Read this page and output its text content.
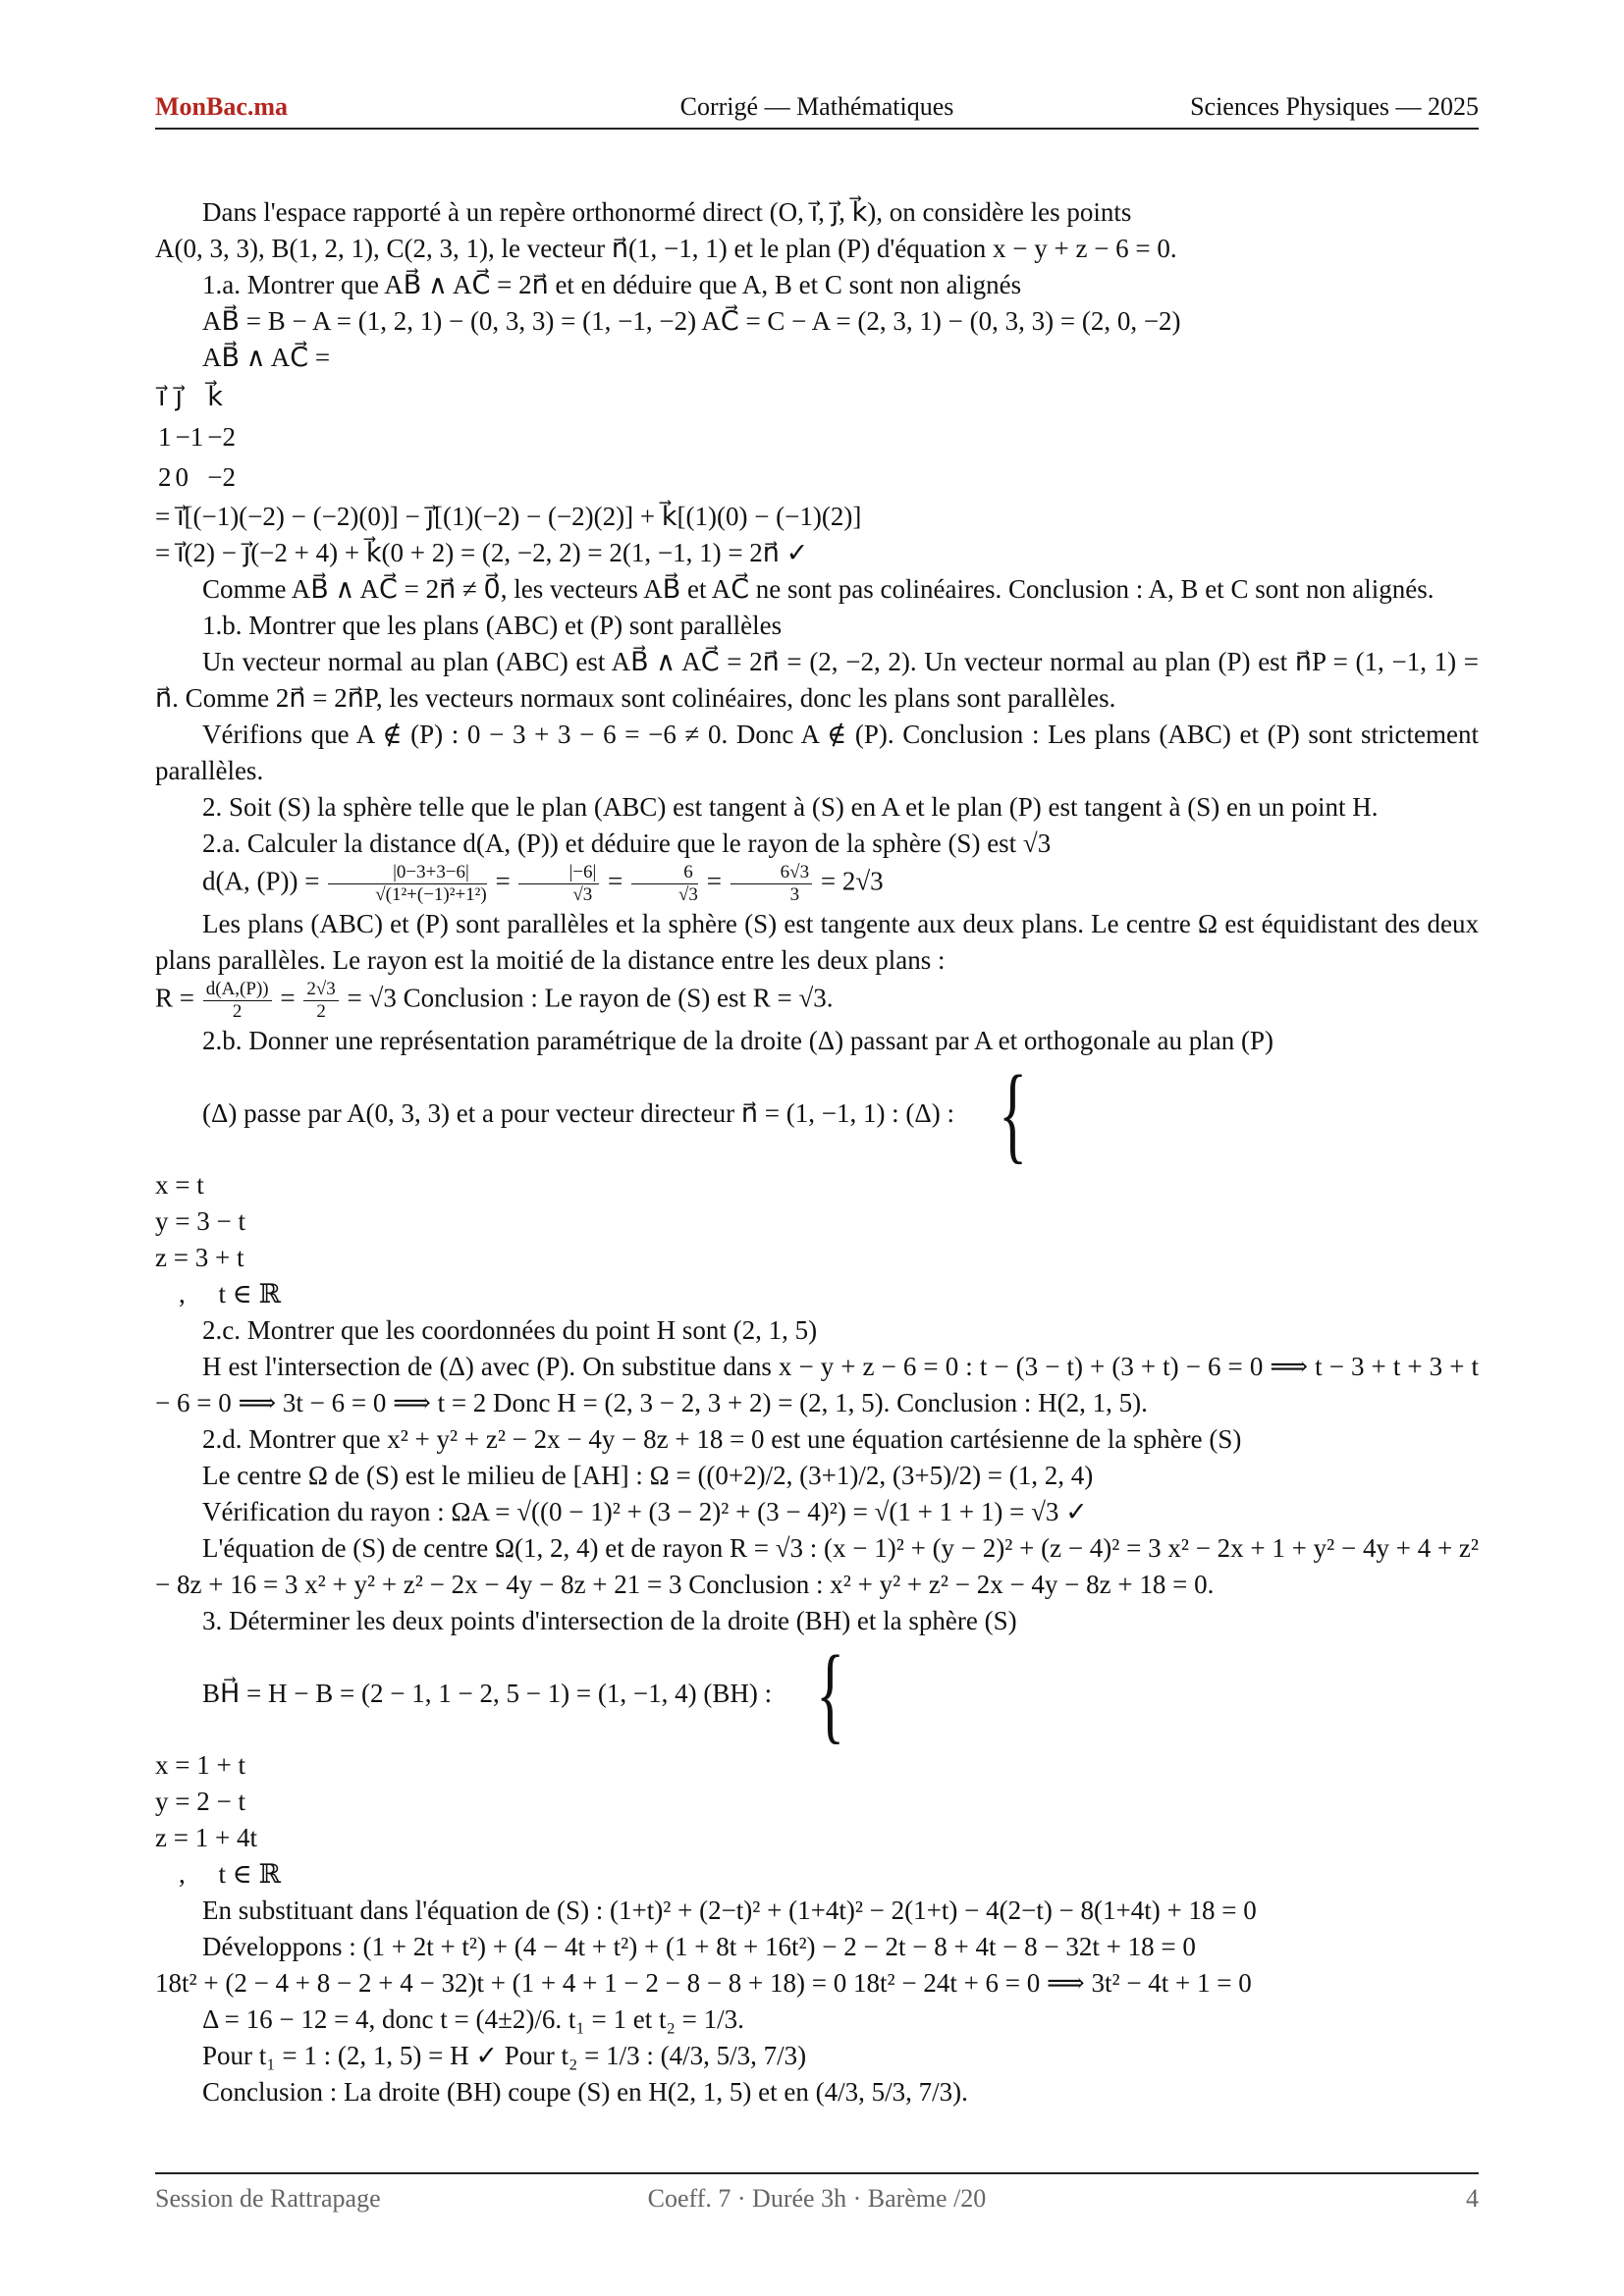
MonBac.ma	Corrigé — Mathématiques	Sciences Physiques — 2025

Dans l'espace rapporté à un repère orthonormé direct (O, i⃗, j⃗, k⃗), on considère les points

A(0, 3, 3), B(1, 2, 1), C(2, 3, 1), le vecteur n⃗(1, −1, 1) et le plan (P) d'équation x − y + z − 6 = 0.

1.a. Montrer que AB⃗ ∧ AC⃗ = 2n⃗ et en déduire que A, B et C sont non alignés

AB⃗ = B − A = (1, 2, 1) − (0, 3, 3) = (1, −1, −2) AC⃗ = C − A = (2, 3, 1) − (0, 3, 3) = (2, 0, −2)

AB⃗ ∧ AC⃗ =

i⃗	j⃗	k⃗
1	−1	−2
2	0	−2
= i⃗[(−1)(−2) − (−2)(0)] − j⃗[(1)(−2) − (−2)(2)] + k⃗[(1)(0) − (−1)(2)]

= i⃗(2) − j⃗(−2 + 4) + k⃗(0 + 2) = (2, −2, 2) = 2(1, −1, 1) = 2n⃗ ✓

Comme AB⃗ ∧ AC⃗ = 2n⃗ ≠ 0⃗, les vecteurs AB⃗ et AC⃗ ne sont pas colinéaires. Conclusion : A, B et C sont non alignés.

1.b. Montrer que les plans (ABC) et (P) sont parallèles

Un vecteur normal au plan (ABC) est AB⃗ ∧ AC⃗ = 2n⃗ = (2, −2, 2). Un vecteur normal au plan (P) est n⃗P = (1, −1, 1) = n⃗. Comme 2n⃗ = 2n⃗P, les vecteurs normaux sont colinéaires, donc les plans sont parallèles.

Vérifions que A ∉ (P) : 0 − 3 + 3 − 6 = −6 ≠ 0. Donc A ∉ (P). Conclusion : Les plans (ABC) et (P) sont strictement parallèles.

2. Soit (S) la sphère telle que le plan (ABC) est tangent à (S) en A et le plan (P) est tangent à (S) en un point H.

2.a. Calculer la distance d(A, (P)) et déduire que le rayon de la sphère (S) est √3

d(A, $(P)) = \frac{|0-3+3-6|}{\text{√(1²+(−1)²+1²)}} = \frac{|-6|}{√3} = \frac{6}{√3} = \frac{6√3}{3} = 2√3$

Les plans (ABC) et (P) sont parallèles et la sphère (S) est tangente aux deux plans. Le centre Ω est équidistant des deux plans parallèles. Le rayon est la moitié de la distance entre les deux plans :

$R = \frac{d(A,(P))}{2} = \frac{2√3}{2} = √3$ Conclusion : Le rayon de (S) est R = √3.

2.b. Donner une représentation paramétrique de la droite (Δ) passant par A et orthogonale au plan (P)

(Δ) passe par A(0, 3, 3) et a pour vecteur directeur n⃗ = (1, −1, 1) : (Δ) : {

x = t
y = 3 − t
z = 3 + t
,     t ∈ ℝ

2.c. Montrer que les coordonnées du point H sont (2, 1, 5)

H est l'intersection de (Δ) avec (P). On substitue dans x − y + z − 6 = 0 : t − (3 − t) + (3 + t) − 6 = 0 ⟹ t − 3 + t + 3 + t − 6 = 0 ⟹ 3t − 6 = 0 ⟹ t = 2 Donc H = (2, 3 − 2, 3 + 2) = (2, 1, 5). Conclusion : H(2, 1, 5).

2.d. Montrer que x² + y² + z² − 2x − 4y − 8z + 18 = 0 est une équation cartésienne de la sphère (S)

Le centre Ω de (S) est le milieu de [AH] : Ω = ((0+2)/2, (3+1)/2, (3+5)/2) = (1, 2, 4)

Vérification du rayon : ΩA = √((0 − 1)² + (3 − 2)² + (3 − 4)²) = √(1 + 1 + 1) = √3 ✓

L'équation de (S) de centre Ω(1, 2, 4) et de rayon R = √3 : (x − 1)² + (y − 2)² + (z − 4)² = 3 x² − 2x + 1 + y² − 4y + 4 + z² − 8z + 16 = 3 x² + y² + z² − 2x − 4y − 8z + 21 = 3 Conclusion : x² + y² + z² − 2x − 4y − 8z + 18 = 0.

3. Déterminer les deux points d'intersection de la droite (BH) et la sphère (S)

BH⃗ = H − B = (2 − 1, 1 − 2, 5 − 1) = (1, −1, 4) (BH) : {

x = 1 + t
y = 2 − t
z = 1 + 4t
,     t ∈ ℝ

En substituant dans l'équation de (S) : (1+t)² + (2−t)² + (1+4t)² − 2(1+t) − 4(2−t) − 8(1+4t) + 18 = 0

Développons : (1 + 2t + t²) + (4 − 4t + t²) + (1 + 8t + 16t²) − 2 − 2t − 8 + 4t − 8 − 32t + 18 = 0

18t² + (2 − 4 + 8 − 2 + 4 − 32)t + (1 + 4 + 1 − 2 − 8 − 8 + 18) = 0 18t² − 24t + 6 = 0 ⟹ 3t² − 4t + 1 = 0

Δ = 16 − 12 = 4, donc t = (4±2)/6. t₁ = 1 et t₂ = 1/3.

Pour t₁ = 1 : (2, 1, 5) = H ✓ Pour t₂ = 1/3 : (4/3, 5/3, 7/3)

Conclusion : La droite (BH) coupe (S) en H(2, 1, 5) et en (4/3, 5/3, 7/3).

Session de Rattrapage	Coeff. 7 · Durée 3h · Barème /20	4
